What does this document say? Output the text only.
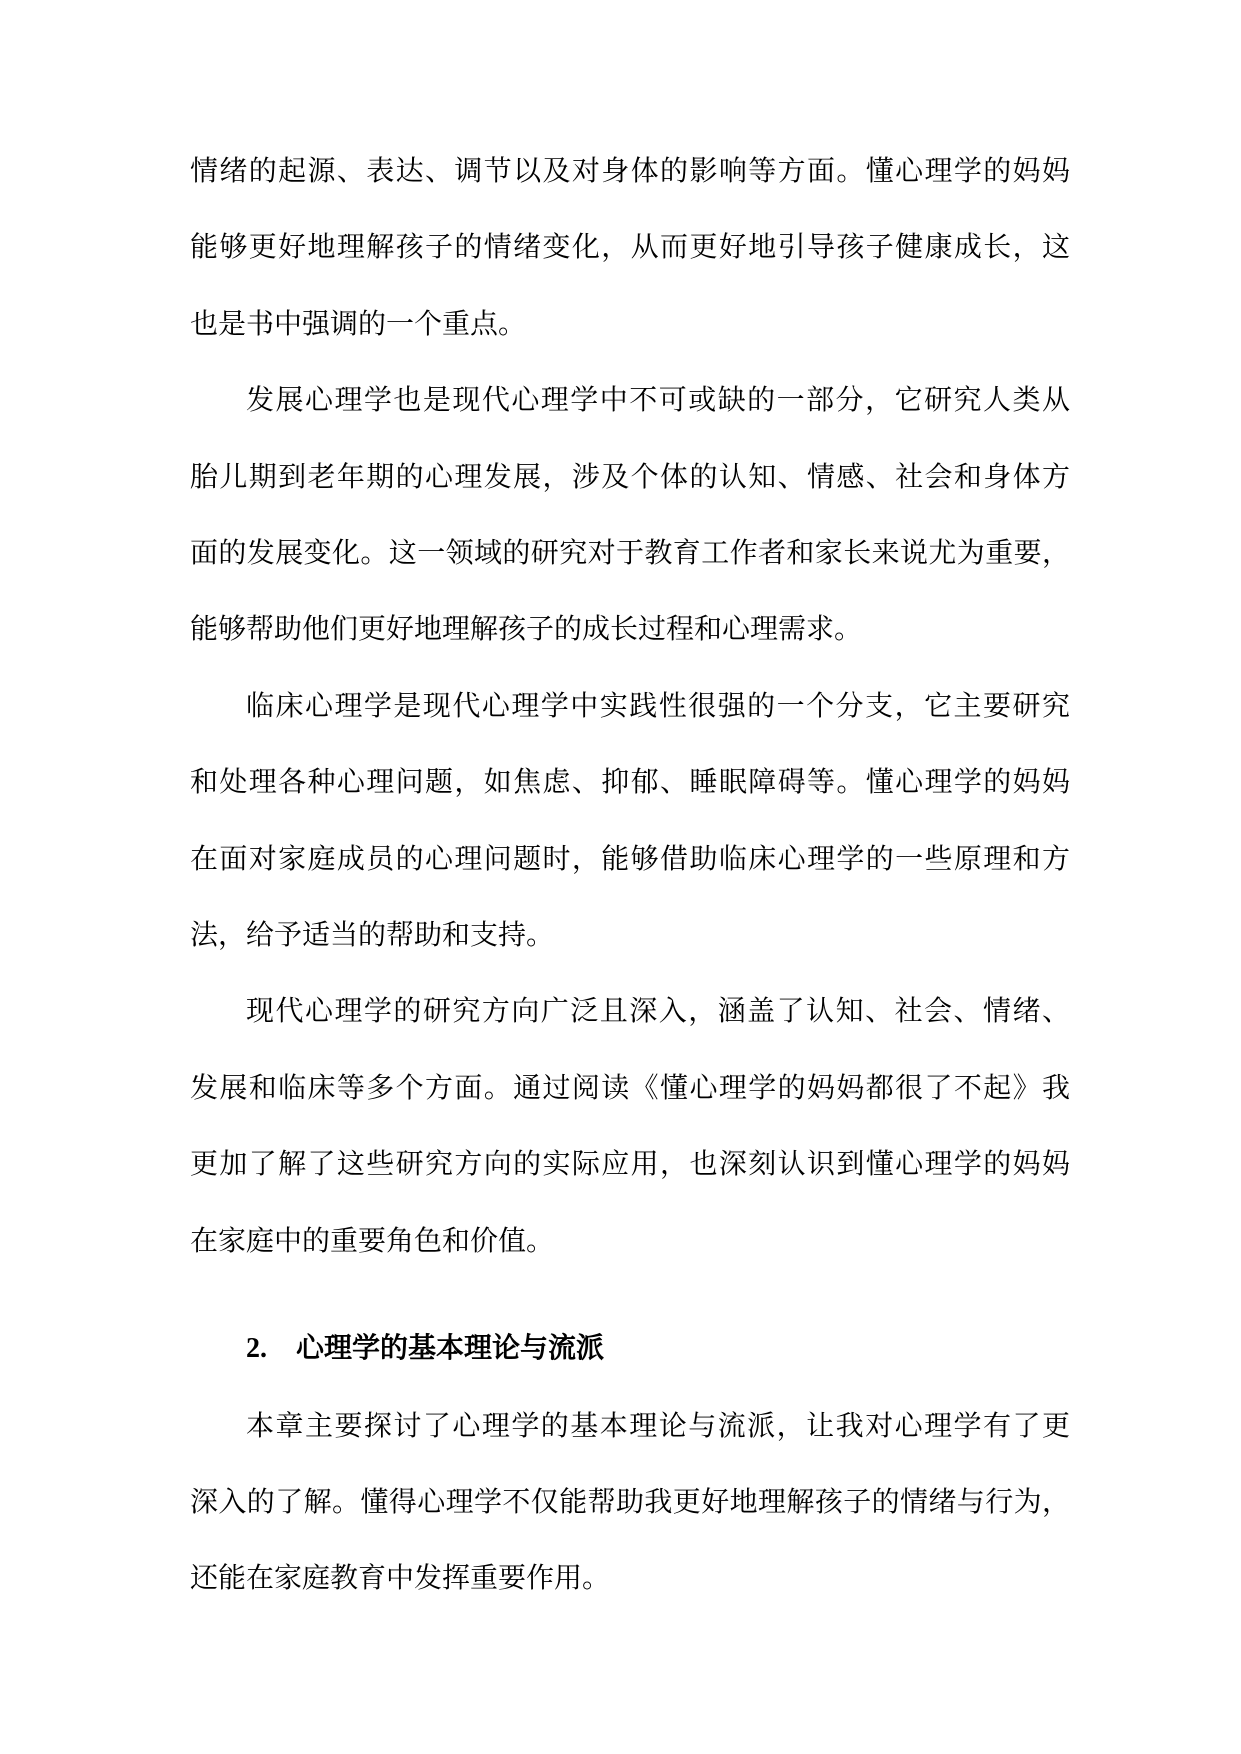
情绪的起源、表达、调节以及对身体的影响等方面。懂心理学的妈妈
能够更好地理解孩子的情绪变化，从而更好地引导孩子健康成长，这
也是书中强调的一个重点。
发展心理学也是现代心理学中不可或缺的一部分，它研究人类从
胎儿期到老年期的心理发展，涉及个体的认知、情感、社会和身体方
面的发展变化。这一领域的研究对于教育工作者和家长来说尤为重要，
能够帮助他们更好地理解孩子的成长过程和心理需求。
临床心理学是现代心理学中实践性很强的一个分支，它主要研究
和处理各种心理问题，如焦虑、抑郁、睡眠障碍等。懂心理学的妈妈
在面对家庭成员的心理问题时，能够借助临床心理学的一些原理和方
法，给予适当的帮助和支持。
现代心理学的研究方向广泛且深入，涵盖了认知、社会、情绪、
发展和临床等多个方面。通过阅读《懂心理学的妈妈都很了不起》我
更加了解了这些研究方向的实际应用，也深刻认识到懂心理学的妈妈
在家庭中的重要角色和价值。
2. 心理学的基本理论与流派
本章主要探讨了心理学的基本理论与流派，让我对心理学有了更
深入的了解。懂得心理学不仅能帮助我更好地理解孩子的情绪与行为，
还能在家庭教育中发挥重要作用。
